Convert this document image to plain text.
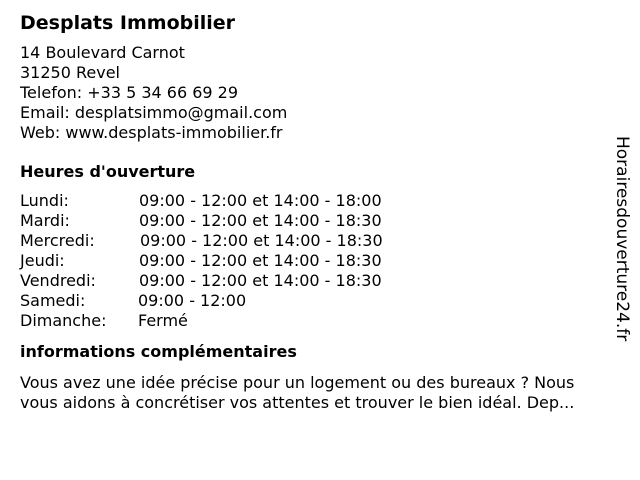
Desplats Immobilier
14 Boulevard Carnot
31250 Revel
Telefon: +33 5 34 66 69 29
Email: desplatsimmo@gmail.com
Web: www.desplats-immobilier.fr
Heures d'ouverture
Lundi:	09:00 - 12:00 et 14:00 - 18:00
Mardi:	09:00 - 12:00 et 14:00 - 18:30
Mercredi:	09:00 - 12:00 et 14:00 - 18:30
Jeudi:	09:00 - 12:00 et 14:00 - 18:30
Vendredi:	09:00 - 12:00 et 14:00 - 18:30
Samedi:	09:00 - 12:00
Dimanche: Fermé
informations complémentaires
Vous avez une idée précise pour un logement ou des bureaux ? Nous
vous aidons à concrétiser vos attentes et trouver le bien idéal. Dep...
Horairesdouverture24.fr
